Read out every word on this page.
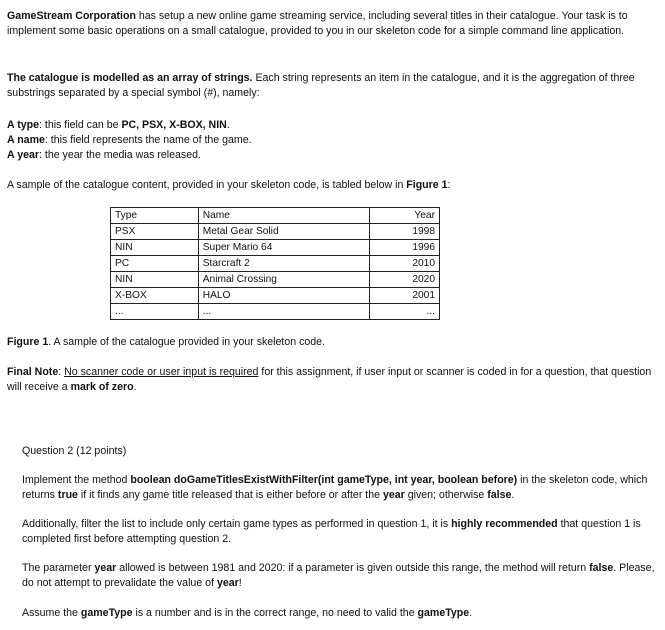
GameStream Corporation has setup a new online game streaming service, including several titles in their catalogue. Your task is to implement some basic operations on a small catalogue, provided to you in our skeleton code for a simple command line application.

The catalogue is modelled as an array of strings. Each string represents an item in the catalogue, and it is the aggregation of three substrings separated by a special symbol (#), namely:

A type: this field can be PC, PSX, X-BOX, NIN.
A name: this field represents the name of the game.
A year: the year the media was released.

A sample of the catalogue content, provided in your skeleton code, is tabled below in Figure 1:

Type	Name	Year
PSX	Metal Gear Solid	1998
NIN	Super Mario 64	1996
PC	Starcraft 2	2010
NIN	Animal Crossing	2020
X-BOX	HALO	2001
...	...	...

Figure 1. A sample of the catalogue provided in your skeleton code.

Final Note: No scanner code or user input is required for this assignment, if user input or scanner is coded in for a question, that question will receive a mark of zero.

Question 2 (12 points)

Implement the method boolean doGameTitlesExistWithFilter(int gameType, int year, boolean before) in the skeleton code, which returns true if it finds any game title released that is either before or after the year given; otherwise false.

Additionally, filter the list to include only certain game types as performed in question 1, it is highly recommended that question 1 is completed first before attempting question 2.

The parameter year allowed is between 1981 and 2020: if a parameter is given outside this range, the method will return false. Please, do not attempt to prevalidate the value of year!

Assume the gameType is a number and is in the correct range, no need to valid the gameType.
